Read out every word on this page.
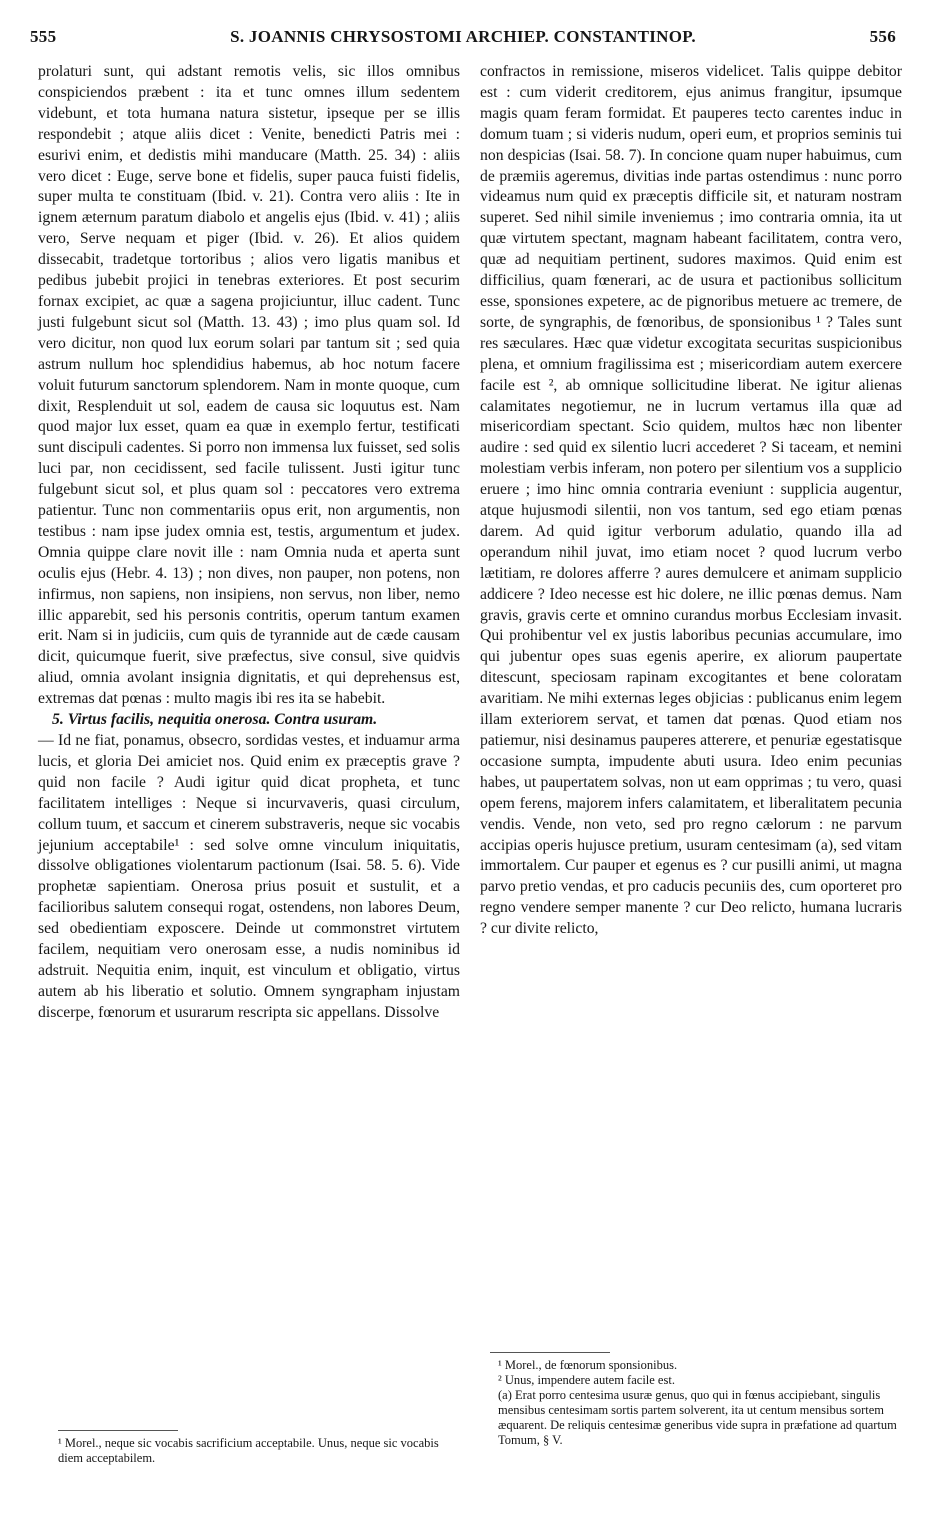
555	S. JOANNIS CHRYSOSTOMI ARCHIEP. CONSTANTINOP.	556

prolaturi sunt, qui adstant remotis velis, sic illos omnibus conspiciendos præbent : ita et tunc omnes illum sedentem videbunt, et tota humana natura sistetur, ipseque per se illis respondebit ; atque aliis dicet : Venite, benedicti Patris mei : esurivi enim, et dedistis mihi manducare (Matth. 25. 34) : aliis vero dicet : Euge, serve bone et fidelis, super pauca fuisti fidelis, super multa te constituam (Ibid. v. 21). Contra vero aliis : Ite in ignem æternum paratum diabolo et angelis ejus (Ibid. v. 41) ; aliis vero, Serve nequam et piger (Ibid. v. 26). Et alios quidem dissecabit, tradetque tortoribus ; alios vero ligatis manibus et pedibus jubebit projici in tenebras exteriores. Et post securim fornax excipiet, ac quæ a sagena projiciuntur, illuc cadent. Tunc justi fulgebunt sicut sol (Matth. 13. 43) ; imo plus quam sol. Id vero dicitur, non quod lux eorum solari par tantum sit ; sed quia astrum nullum hoc splendidius habemus, ab hoc notum facere voluit futurum sanctorum splendorem. Nam in monte quoque, cum dixit, Resplenduit ut sol, eadem de causa sic loquutus est. Nam quod major lux esset, quam ea quæ in exemplo fertur, testificati sunt discipuli cadentes. Si porro non immensa lux fuisset, sed solis luci par, non cecidissent, sed facile tulissent. Justi igitur tunc fulgebunt sicut sol, et plus quam sol : peccatores vero extrema patientur. Tunc non commentariis opus erit, non argumentis, non testibus : nam ipse judex omnia est, testis, argumentum et judex. Omnia quippe clare novit ille : nam Omnia nuda et aperta sunt oculis ejus (Hebr. 4. 13) ; non dives, non pauper, non potens, non infirmus, non sapiens, non insipiens, non servus, non liber, nemo illic apparebit, sed his personis contritis, operum tantum examen erit. Nam si in judiciis, cum quis de tyrannide aut de cæde causam dicit, quicumque fuerit, sive præfectus, sive consul, sive quidvis aliud, omnia avolant insignia dignitatis, et qui deprehensus est, extremas dat pœnas : multo magis ibi res ita se habebit.

5. Virtus facilis, nequitia onerosa. Contra usuram.

— Id ne fiat, ponamus, obsecro, sordidas vestes, et induamur arma lucis, et gloria Dei amiciet nos. Quid enim ex præceptis grave ? quid non facile ? Audi igitur quid dicat propheta, et tunc facilitatem intelliges : Neque si incurvaveris, quasi circulum, collum tuum, et saccum et cinerem substraveris, neque sic vocabis jejunium acceptabile¹ : sed solve omne vinculum iniquitatis, dissolve obligationes violentarum pactionum (Isai. 58. 5. 6). Vide prophetæ sapientiam. Onerosa prius posuit et sustulit, et a facilioribus salutem consequi rogat, ostendens, non labores Deum, sed obedientiam exposcere. Deinde ut commonstret virtutem facilem, nequitiam vero onerosam esse, a nudis nominibus id adstruit. Nequitia enim, inquit, est vinculum et obligatio, virtus autem ab his liberatio et solutio. Omnem syngrapham injustam discerpe, fœnorum et usurarum rescripta sic appellans. Dissolve

confractos in remissione, miseros videlicet. Talis quippe debitor est : cum viderit creditorem, ejus animus frangitur, ipsumque magis quam feram formidat. Et pauperes tecto carentes induc in domum tuam ; si videris nudum, operi eum, et proprios seminis tui non despicias (Isai. 58. 7). In concione quam nuper habuimus, cum de præmiis ageremus, divitias inde partas ostendimus : nunc porro videamus num quid ex præceptis difficile sit, et naturam nostram superet. Sed nihil simile inveniemus ; imo contraria omnia, ita ut quæ virtutem spectant, magnam habeant facilitatem, contra vero, quæ ad nequitiam pertinent, sudores maximos. Quid enim est difficilius, quam fœnerari, ac de usura et pactionibus sollicitum esse, sponsiones expetere, ac de pignoribus metuere ac tremere, de sorte, de syngraphis, de fœnoribus, de sponsionibus ¹ ? Tales sunt res sæculares. Hæc quæ videtur excogitata securitas suspicionibus plena, et omnium fragilissima est ; misericordiam autem exercere facile est ², ab omnique sollicitudine liberat. Ne igitur alienas calamitates negotiemur, ne in lucrum vertamus illa quæ ad misericordiam spectant. Scio quidem, multos hæc non libenter audire : sed quid ex silentio lucri accederet ? Si taceam, et nemini molestiam verbis inferam, non potero per silentium vos a supplicio eruere ; imo hinc omnia contraria eveniunt : supplicia augentur, atque hujusmodi silentii, non vos tantum, sed ego etiam pœnas darem. Ad quid igitur verborum adulatio, quando illa ad operandum nihil juvat, imo etiam nocet ? quod lucrum verbo lætitiam, re dolores afferre ? aures demulcere et animam supplicio addicere ? Ideo necesse est hic dolere, ne illic pœnas demus. Nam gravis, gravis certe et omnino curandus morbus Ecclesiam invasit. Qui prohibentur vel ex justis laboribus pecunias accumulare, imo qui jubentur opes suas egenis aperire, ex aliorum paupertate ditescunt, speciosam rapinam excogitantes et bene coloratam avaritiam. Ne mihi externas leges objicias : publicanus enim legem illam exteriorem servat, et tamen dat pœnas. Quod etiam nos patiemur, nisi desinamus pauperes atterere, et penuriæ egestatisque occasione sumpta, impudente abuti usura. Ideo enim pecunias habes, ut paupertatem solvas, non ut eam opprimas ; tu vero, quasi opem ferens, majorem infers calamitatem, et liberalitatem pecunia vendis. Vende, non veto, sed pro regno cælorum : ne parvum accipias operis hujusce pretium, usuram centesimam (a), sed vitam immortalem. Cur pauper et egenus es ? cur pusilli animi, ut magna parvo pretio vendas, et pro caducis pecuniis des, cum oporteret pro regno vendere semper manente ? cur Deo relicto, humana lucraris ? cur divite relicto,

¹ Morel., neque sic vocabis sacrificium acceptabile. Unus, neque sic vocabis diem acceptabilem.

¹ Morel., de fœnorum sponsionibus.

² Unus, impendere autem facile est.

(a) Erat porro centesima usuræ genus, quo qui in fœnus accipiebant, singulis mensibus centesimam sortis partem solverent, ita ut centum mensibus sortem æquarent. De reliquis centesimæ generibus vide supra in præfatione ad quartum Tomum, § V.
